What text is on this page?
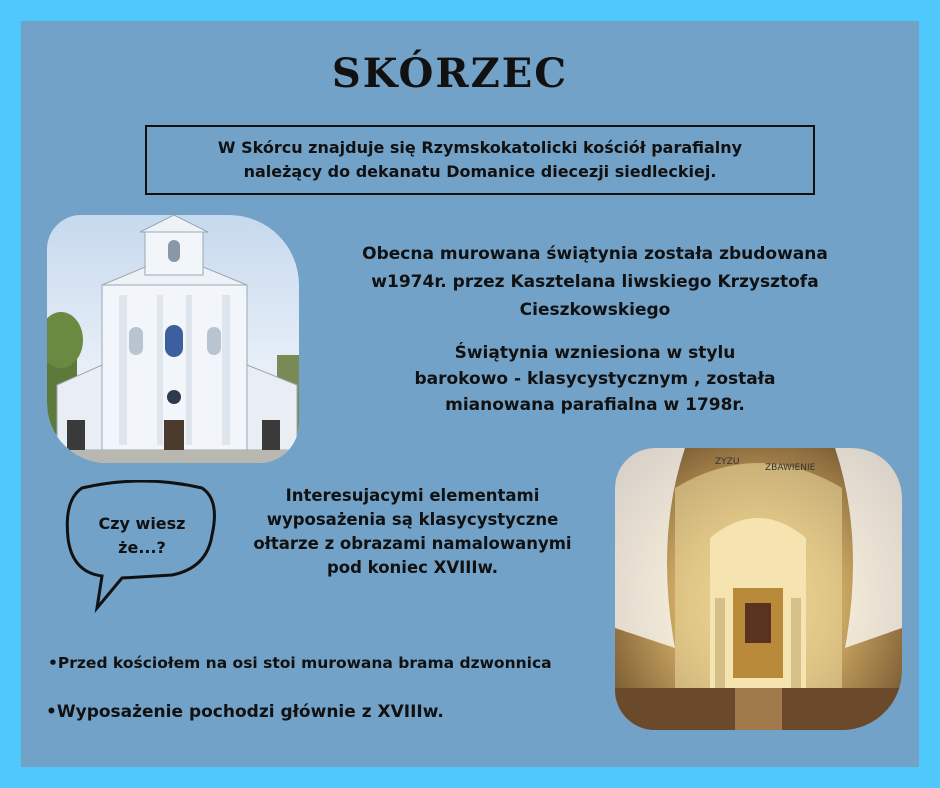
SKÓRZEC
W Skórcu znajduje się Rzymskokatolicki kościół parafialny
należący do dekanatu Domanice diecezji siedleckiej.
Obecna murowana świątynia została zbudowana
w1974r. przez Kasztelana liwskiego Krzysztofa
Cieszkowskiego
Świątynia wzniesiona w stylu
barokowo - klasycystycznym , została
mianowana parafialna w 1798r.
Czy wiesz
że...?
Interesujacymi elementami
wyposażenia są klasycystyczne
ołtarze z obrazami namalowanymi
pod koniec XVIIIw.
ZYZU
ZBAWIENIE
•Przed kościołem na osi stoi murowana brama dzwonnica
•Wyposażenie pochodzi głównie z XVIIIw.
